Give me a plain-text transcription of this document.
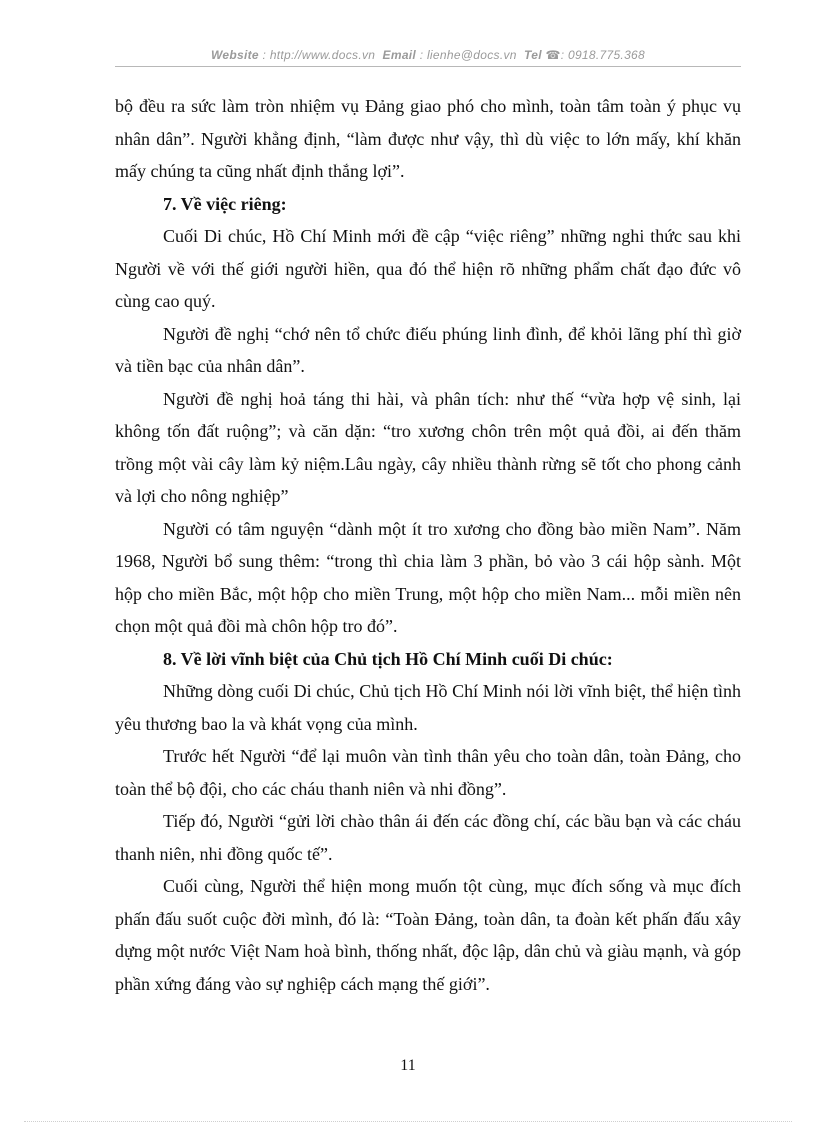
Website : http://www.docs.vn Email : lienhe@docs.vn Tel ☎: 0918.775.368

bộ đều ra sức làm tròn nhiệm vụ Đảng giao phó cho mình, toàn tâm toàn ý phục vụ nhân dân”. Người khẳng định, “làm được như vậy, thì dù việc to lớn mấy, khí khăn mấy chúng ta cũng nhất định thắng lợi”.

7. Về việc riêng:

Cuối Di chúc, Hồ Chí Minh mới đề cập “việc riêng” những nghi thức sau khi Người về với thế giới người hiền, qua đó thể hiện rõ những phẩm chất đạo đức vô cùng cao quý.

Người đề nghị “chớ nên tổ chức điếu phúng linh đình, để khỏi lãng phí thì giờ và tiền bạc của nhân dân”.

Người đề nghị hoả táng thi hài, và phân tích: như thế “vừa hợp vệ sinh, lại không tốn đất ruộng”; và căn dặn: “tro xương chôn trên một quả đồi, ai đến thăm trồng một vài cây làm kỷ niệm.Lâu ngày, cây nhiều thành rừng sẽ tốt cho phong cảnh và lợi cho nông nghiệp”

Người có tâm nguyện “dành một ít tro xương cho đồng bào miền Nam”. Năm 1968, Người bổ sung thêm: “trong thì chia làm 3 phần, bỏ vào 3 cái hộp sành. Một hộp cho miền Bắc, một hộp cho miền Trung, một hộp cho miền Nam... mỗi miền nên chọn một quả đồi mà chôn hộp tro đó”.

8. Về lời vĩnh biệt của Chủ tịch Hồ Chí Minh cuối Di chúc:

Những dòng cuối Di chúc, Chủ tịch Hồ Chí Minh nói lời vĩnh biệt, thể hiện tình yêu thương bao la và khát vọng của mình.

Trước hết Người “để lại muôn vàn tình thân yêu cho toàn dân, toàn Đảng, cho toàn thể bộ đội, cho các cháu thanh niên và nhi đồng”.

Tiếp đó, Người “gửi lời chào thân ái đến các đồng chí, các bầu bạn và các cháu thanh niên, nhi đồng quốc tế”.

Cuối cùng, Người thể hiện mong muốn tột cùng, mục đích sống và mục đích phấn đấu suốt cuộc đời mình, đó là: “Toàn Đảng, toàn dân, ta đoàn kết phấn đấu xây dựng một nước Việt Nam hoà bình, thống nhất, độc lập, dân chủ và giàu mạnh, và góp phần xứng đáng vào sự nghiệp cách mạng thế giới”.

11
